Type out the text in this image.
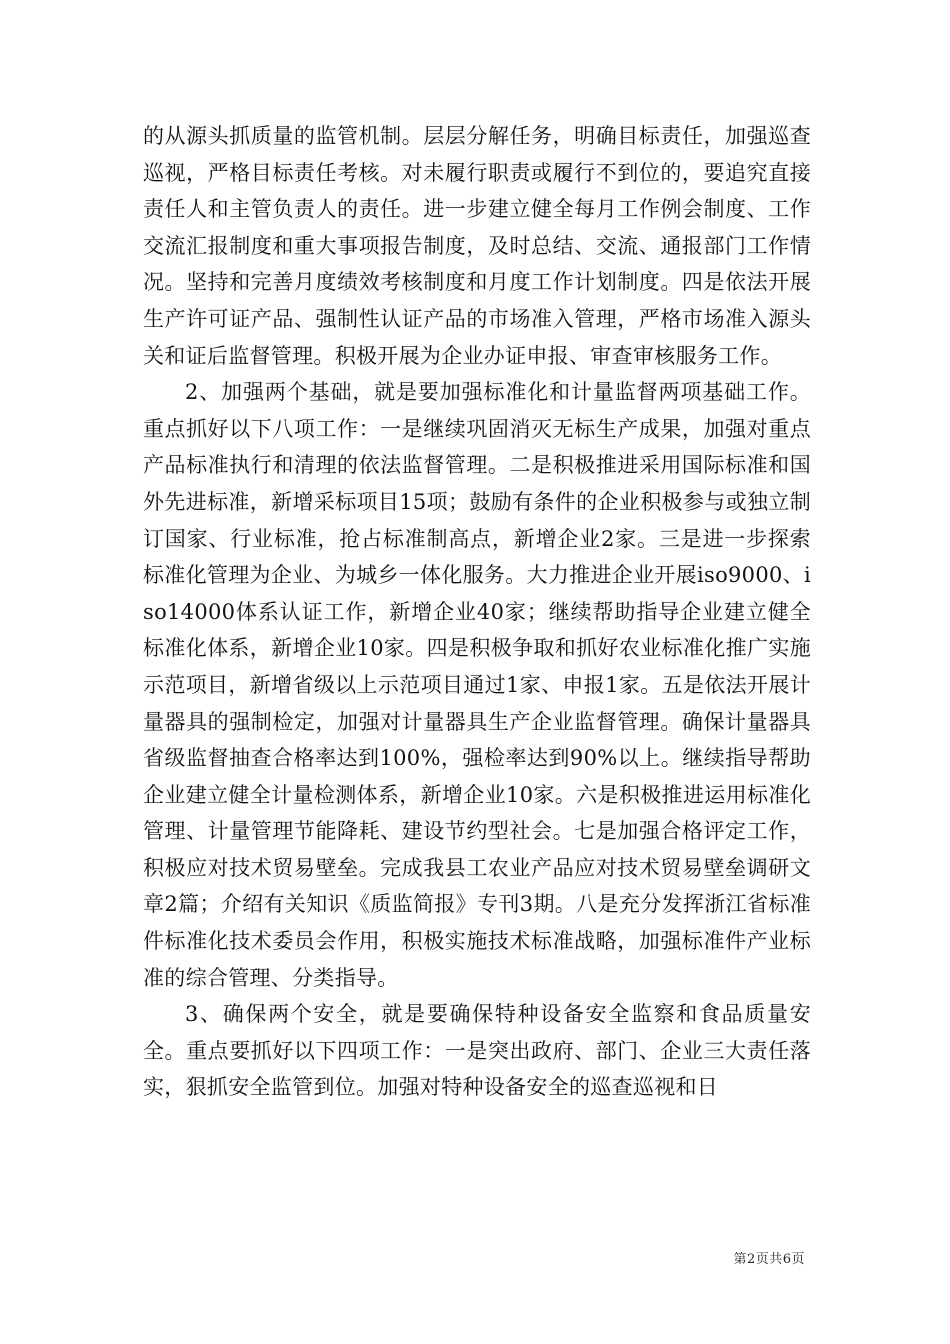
的从源头抓质量的监管机制。层层分解任务，明确目标责任，加强巡查巡视，严格目标责任考核。对未履行职责或履行不到位的，要追究直接责任人和主管负责人的责任。进一步建立健全每月工作例会制度、工作交流汇报制度和重大事项报告制度，及时总结、交流、通报部门工作情况。坚持和完善月度绩效考核制度和月度工作计划制度。四是依法开展生产许可证产品、强制性认证产品的市场准入管理，严格市场准入源头关和证后监督管理。积极开展为企业办证申报、审查审核服务工作。

2、加强两个基础，就是要加强标准化和计量监督两项基础工作。重点抓好以下八项工作：一是继续巩固消灭无标生产成果，加强对重点产品标准执行和清理的依法监督管理。二是积极推进采用国际标准和国外先进标准，新增采标项目15项；鼓励有条件的企业积极参与或独立制订国家、行业标准，抢占标准制高点，新增企业2家。三是进一步探索标准化管理为企业、为城乡一体化服务。大力推进企业开展iso9000、iso14000体系认证工作，新增企业40家；继续帮助指导企业建立健全标准化体系，新增企业10家。四是积极争取和抓好农业标准化推广实施示范项目，新增省级以上示范项目通过1家、申报1家。五是依法开展计量器具的强制检定，加强对计量器具生产企业监督管理。确保计量器具省级监督抽查合格率达到100%，强检率达到90%以上。继续指导帮助企业建立健全计量检测体系，新增企业10家。六是积极推进运用标准化管理、计量管理节能降耗、建设节约型社会。七是加强合格评定工作，积极应对技术贸易壁垒。完成我县工农业产品应对技术贸易壁垒调研文章2篇；介绍有关知识《质监简报》专刊3期。八是充分发挥浙江省标准件标准化技术委员会作用，积极实施技术标准战略，加强标准件产业标准的综合管理、分类指导。

3、确保两个安全，就是要确保特种设备安全监察和食品质量安全。重点要抓好以下四项工作：一是突出政府、部门、企业三大责任落实，狠抓安全监管到位。加强对特种设备安全的巡查巡视和日

第2页共6页
